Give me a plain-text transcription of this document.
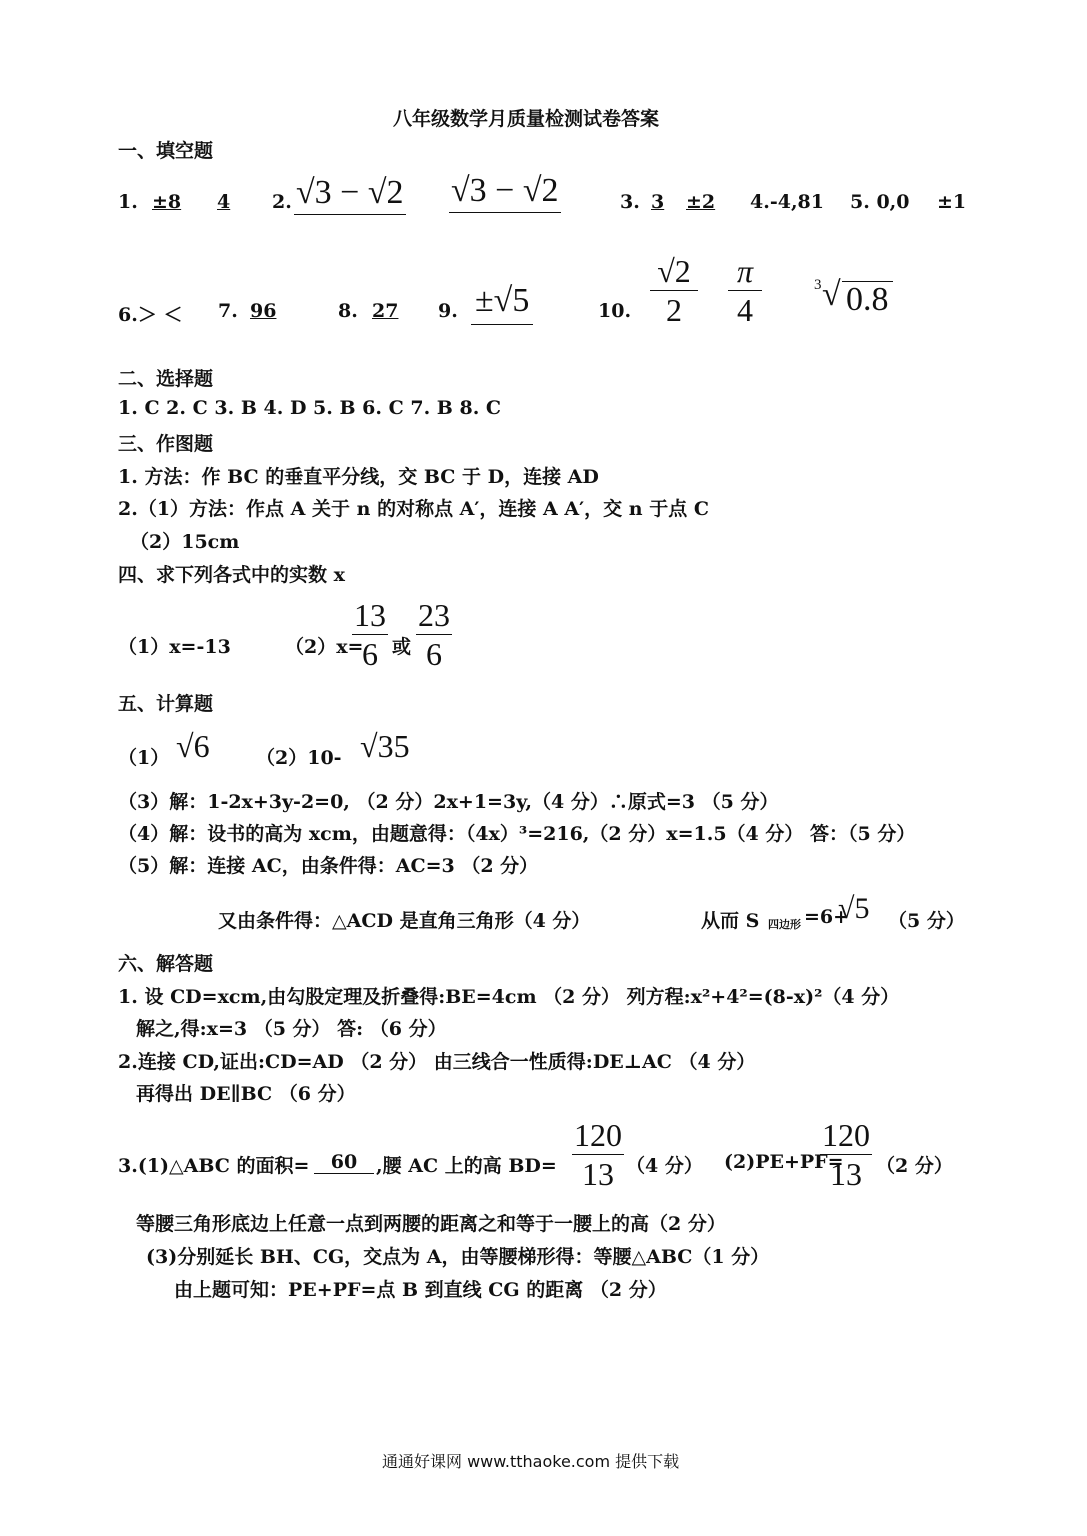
八年级数学月质量检测试卷答案
一、填空题
1. ±8 4 2. √3 − √2 √3 − √2	3. 3 ±2 4.-4,81 5. 0,0 ±1
6.＞ ＜ 7. 96	8. 27 9. ±√5	10.
√2
2
π
4
3 √ 0.8
二、选择题
1. C 2. C 3. B 4. D 5. B 6. C 7. B 8. C
三、作图题
1. 方法：作 BC 的垂直平分线，交 BC 于 D，连接 AD
2.（1）方法：作点 A 关于 n 的对称点 A′，连接 A A′，交 n 于点 C
（2）15cm
四、求下列各式中的实数 x
（1）x=-13	（2）x=
13
6 或
23
6
五、计算题
（1） √6 （2）10- √35
（3）解：1-2x+3y-2=0, （2 分）2x+1=3y,（4 分）∴原式=3 （5 分）
（4）解：设书的高为 xcm，由题意得：（4x）³=216,（2 分）x=1.5（4 分） 答：（5 分）
（5）解：连接 AC，由条件得：AC=3 （2 分）
又由条件得：△ACD 是直角三角形（4 分）	从而 S 四边形 =6+
√5 （5 分）
六、解答题
1. 设 CD=xcm,由勾股定理及折叠得:BE=4cm （2 分） 列方程:x²+4²=(8-x)²（4 分）
解之,得:x=3 （5 分） 答: （6 分）
2.连接 CD,证出:CD=AD （2 分） 由三线合一性质得:DE⊥AC （4 分）
再得出 DE∥BC （6 分）
3.(1)△ABC 的面积=	60 ,腰 AC 上的高 BD=
120
13 （4 分） (2)PE+PF=
120
13 （2 分）
等腰三角形底边上任意一点到两腰的距离之和等于一腰上的高（2 分）
(3)分别延长 BH、CG，交点为 A，由等腰梯形得：等腰△ABC（1 分）
由上题可知：PE+PF=点 B 到直线 CG 的距离 （2 分）
通通好课网 www.tthaoke.com 提供下载
